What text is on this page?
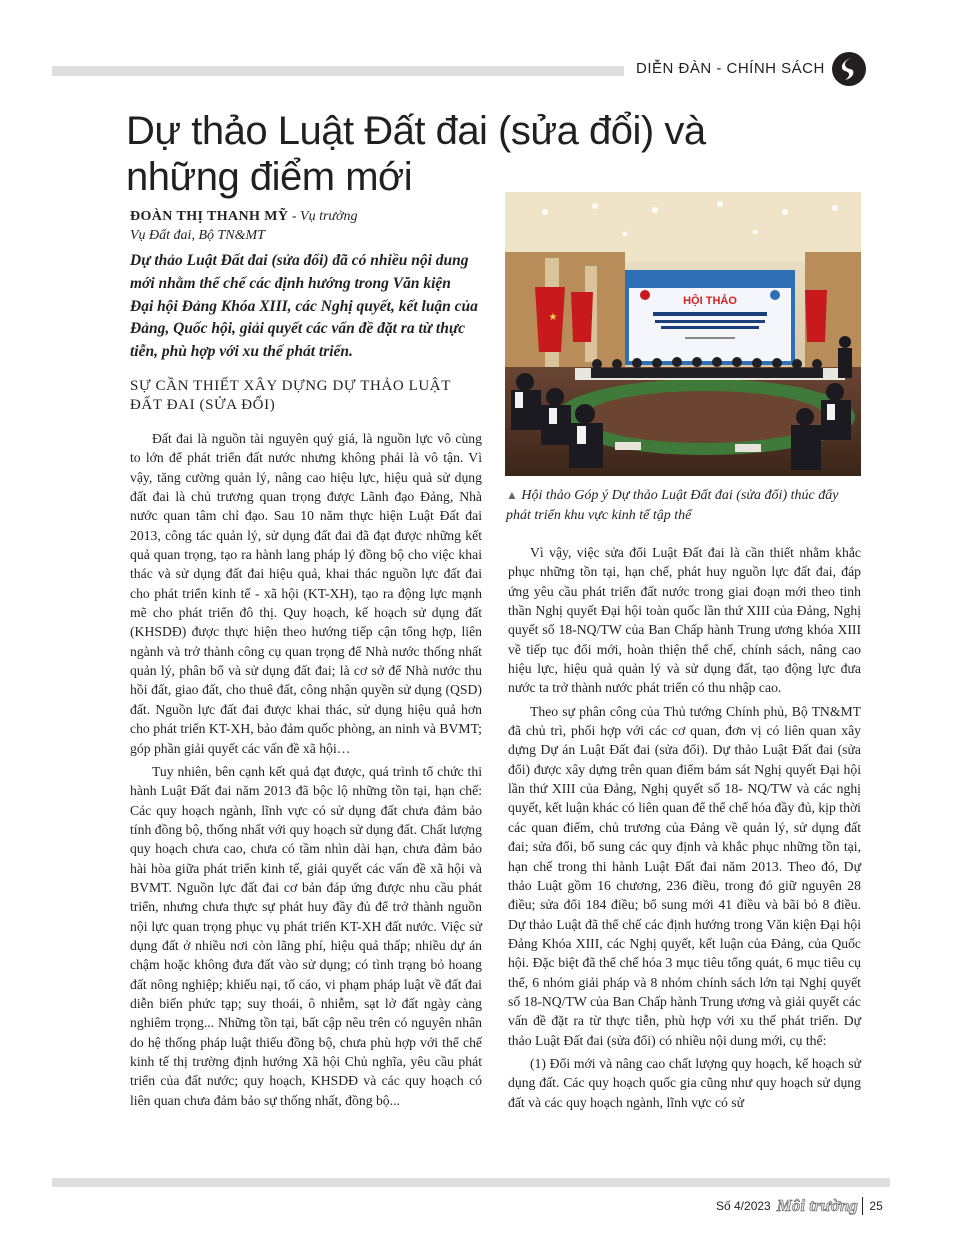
DIỄN ĐÀN - CHÍNH SÁCH
Dự thảo Luật Đất đai (sửa đổi) và những điểm mới
ĐOÀN THỊ THANH MỸ - Vụ trưởng
Vụ Đất đai, Bộ TN&MT
Dự thảo Luật Đất đai (sửa đổi) đã có nhiều nội dung mới nhằm thể chế các định hướng trong Văn kiện Đại hội Đảng Khóa XIII, các Nghị quyết, kết luận của Đảng, Quốc hội, giải quyết các vấn đề đặt ra từ thực tiễn, phù hợp với xu thế phát triển.
SỰ CẦN THIẾT XÂY DỰNG DỰ THẢO LUẬT ĐẤT ĐAI (SỬA ĐỔI)

Đất đai là nguồn tài nguyên quý giá, là nguồn lực vô cùng to lớn để phát triển đất nước nhưng không phải là vô tận. Vì vậy, tăng cường quản lý, nâng cao hiệu lực, hiệu quả sử dụng đất đai là chủ trương quan trọng được Lãnh đạo Đảng, Nhà nước quan tâm chỉ đạo. Sau 10 năm thực hiện Luật Đất đai 2013, công tác quản lý, sử dụng đất đai đã đạt được những kết quả quan trọng, tạo ra hành lang pháp lý đồng bộ cho việc khai thác và sử dụng đất đai hiệu quả, khai thác nguồn lực đất đai cho phát triển kinh tế - xã hội (KT-XH), tạo ra động lực mạnh mẽ cho phát triển đô thị. Quy hoạch, kế hoạch sử dụng đất (KHSDĐ) được thực hiện theo hướng tiếp cận tổng hợp, liên ngành và trở thành công cụ quan trọng để Nhà nước thống nhất quản lý, phân bổ và sử dụng đất đai; là cơ sở để Nhà nước thu hồi đất, giao đất, cho thuê đất, công nhận quyền sử dụng (QSD) đất. Nguồn lực đất đai được khai thác, sử dụng hiệu quả hơn cho phát triển KT-XH, bảo đảm quốc phòng, an ninh và BVMT; góp phần giải quyết các vấn đề xã hội…

Tuy nhiên, bên cạnh kết quả đạt được, quá trình tổ chức thi hành Luật Đất đai năm 2013 đã bộc lộ những tồn tại, hạn chế: Các quy hoạch ngành, lĩnh vực có sử dụng đất chưa đảm bảo tính đồng bộ, thống nhất với quy hoạch sử dụng đất. Chất lượng quy hoạch chưa cao, chưa có tầm nhìn dài hạn, chưa đảm bảo hài hòa giữa phát triển kinh tế, giải quyết các vấn đề xã hội và BVMT. Nguồn lực đất đai cơ bản đáp ứng được nhu cầu phát triển, nhưng chưa thực sự phát huy đầy đủ để trở thành nguồn nội lực quan trọng phục vụ phát triển KT-XH đất nước. Việc sử dụng đất ở nhiều nơi còn lãng phí, hiệu quả thấp; nhiều dự án chậm hoặc không đưa đất vào sử dụng; có tình trạng bỏ hoang đất nông nghiệp; khiếu nại, tố cáo, vi phạm pháp luật về đất đai diễn biến phức tạp; suy thoái, ô nhiễm, sạt lở đất ngày càng nghiêm trọng... Những tồn tại, bất cập nêu trên có nguyên nhân do hệ thống pháp luật thiếu đồng bộ, chưa phù hợp với thể chế kinh tế thị trường định hướng Xã hội Chủ nghĩa, yêu cầu phát triển của đất nước; quy hoạch, KHSDĐ và các quy hoạch có liên quan chưa đảm bảo sự thống nhất, đồng bộ...

★
HỘI THẢO
▲ Hội thảo Góp ý Dự thảo Luật Đất đai (sửa đổi) thúc đẩy phát triển khu vực kinh tế tập thể

Vì vậy, việc sửa đổi Luật Đất đai là cần thiết nhằm khắc phục những tồn tại, hạn chế, phát huy nguồn lực đất đai, đáp ứng yêu cầu phát triển đất nước trong giai đoạn mới theo tinh thần Nghị quyết Đại hội toàn quốc lần thứ XIII của Đảng, Nghị quyết số 18-NQ/TW của Ban Chấp hành Trung ương khóa XIII về tiếp tục đổi mới, hoàn thiện thể chế, chính sách, nâng cao hiệu lực, hiệu quả quản lý và sử dụng đất, tạo động lực đưa nước ta trở thành nước phát triển có thu nhập cao.

Theo sự phân công của Thủ tướng Chính phủ, Bộ TN&MT đã chủ trì, phối hợp với các cơ quan, đơn vị có liên quan xây dựng Dự án Luật Đất đai (sửa đổi). Dự thảo Luật Đất đai (sửa đổi) được xây dựng trên quan điểm bám sát Nghị quyết Đại hội lần thứ XIII của Đảng, Nghị quyết số 18- NQ/TW và các nghị quyết, kết luận khác có liên quan để thể chế hóa đầy đủ, kịp thời các quan điểm, chủ trương của Đảng về quản lý, sử dụng đất đai; sửa đổi, bổ sung các quy định và khắc phục những tồn tại, hạn chế trong thi hành Luật Đất đai năm 2013. Theo đó, Dự thảo Luật gồm 16 chương, 236 điều, trong đó giữ nguyên 28 điều; sửa đổi 184 điều; bổ sung mới 41 điều và bãi bỏ 8 điều. Dự thảo Luật đã thể chế các định hướng trong Văn kiện Đại hội Đảng Khóa XIII, các Nghị quyết, kết luận của Đảng, của Quốc hội. Đặc biệt đã thể chế hóa 3 mục tiêu tổng quát, 6 mục tiêu cụ thể, 6 nhóm giải pháp và 8 nhóm chính sách lớn tại Nghị quyết số 18-NQ/TW của Ban Chấp hành Trung ương và giải quyết các vấn đề đặt ra từ thực tiễn, phù hợp với xu thế phát triển. Dự thảo Luật Đất đai (sửa đổi) có nhiều nội dung mới, cụ thể:

(1) Đổi mới và nâng cao chất lượng quy hoạch, kế hoạch sử dụng đất. Các quy hoạch quốc gia cũng như quy hoạch sử dụng đất và các quy hoạch ngành, lĩnh vực có sử

Số 4/2023 Môi trường 25
